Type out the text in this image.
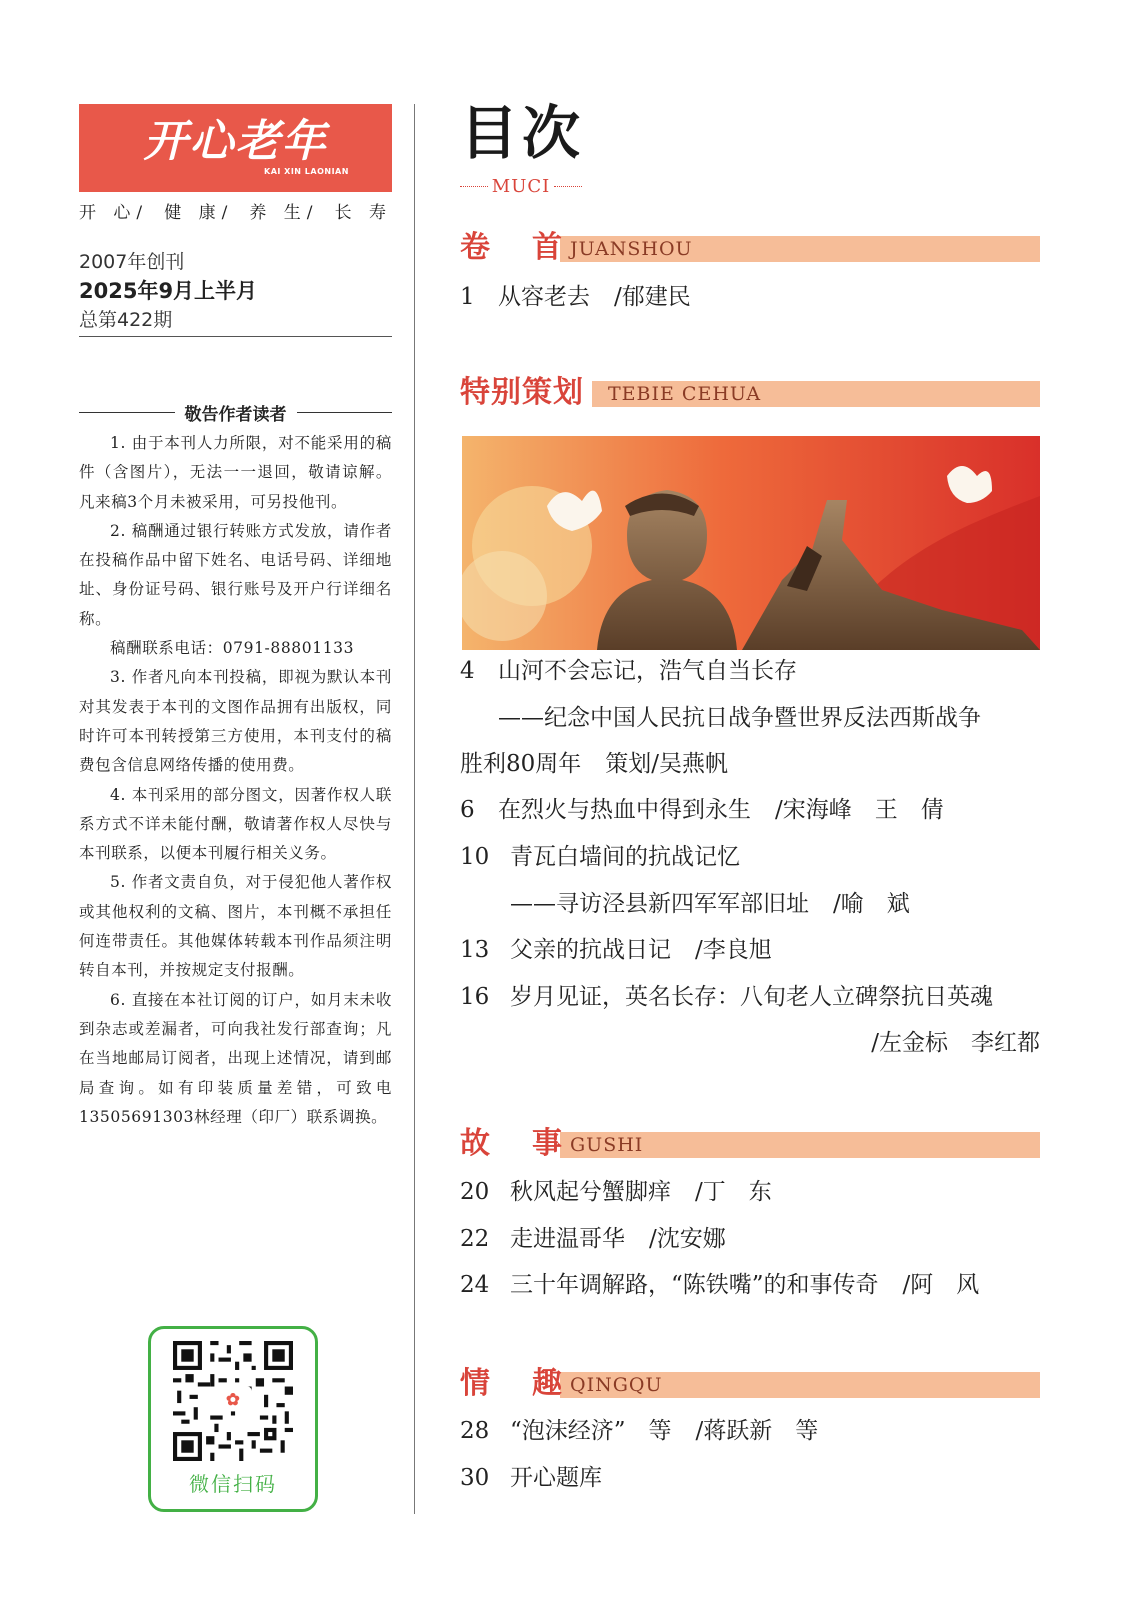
开心老年
KAI XIN LAONIAN
开 心/ 健 康/ 养 生/ 长 寿
2007年创刊
2025年9月上半月
总第422期
敬告作者读者

1. 由于本刊人力所限，对不能采用的稿件（含图片），无法一一退回，敬请谅解。凡来稿3个月未被采用，可另投他刊。

2. 稿酬通过银行转账方式发放，请作者在投稿作品中留下姓名、电话号码、详细地址、身份证号码、银行账号及开户行详细名称。

稿酬联系电话：0791-88801133

3. 作者凡向本刊投稿，即视为默认本刊对其发表于本刊的文图作品拥有出版权，同时许可本刊转授第三方使用，本刊支付的稿费包含信息网络传播的使用费。

4. 本刊采用的部分图文，因著作权人联系方式不详未能付酬，敬请著作权人尽快与本刊联系，以便本刊履行相关义务。

5. 作者文责自负，对于侵犯他人著作权或其他权利的文稿、图片，本刊概不承担任何连带责任。其他媒体转载本刊作品须注明转自本刊，并按规定支付报酬。

6. 直接在本社订阅的订户，如月末未收到杂志或差漏者，可向我社发行部查询；凡在当地邮局订阅者，出现上述情况，请到邮局查询。如有印装质量差错，可致电13505691303林经理（印厂）联系调换。

✿
微信扫码
目次
MUCI
卷　首 JUANSHOU
1 从容老去 /郁建民
特别策划 TEBIE CEHUA
4 山河不会忘记，浩气自当长存
——纪念中国人民抗日战争暨世界反法西斯战争
胜利80周年 策划/吴燕帆
6 在烈火与热血中得到永生 /宋海峰　王　倩
10 青瓦白墙间的抗战记忆
——寻访泾县新四军军部旧址 /喻　斌
13 父亲的抗战日记 /李良旭
16 岁月见证，英名长存：八旬老人立碑祭抗日英魂
/左金标　李红都
故　事 GUSHI
20 秋风起兮蟹脚痒 /丁　东
22 走进温哥华 /沈安娜
24 三十年调解路，“陈铁嘴”的和事传奇 /阿　风
情　趣 QINGQU
28 “泡沫经济”　等 /蒋跃新　等
30 开心题库
